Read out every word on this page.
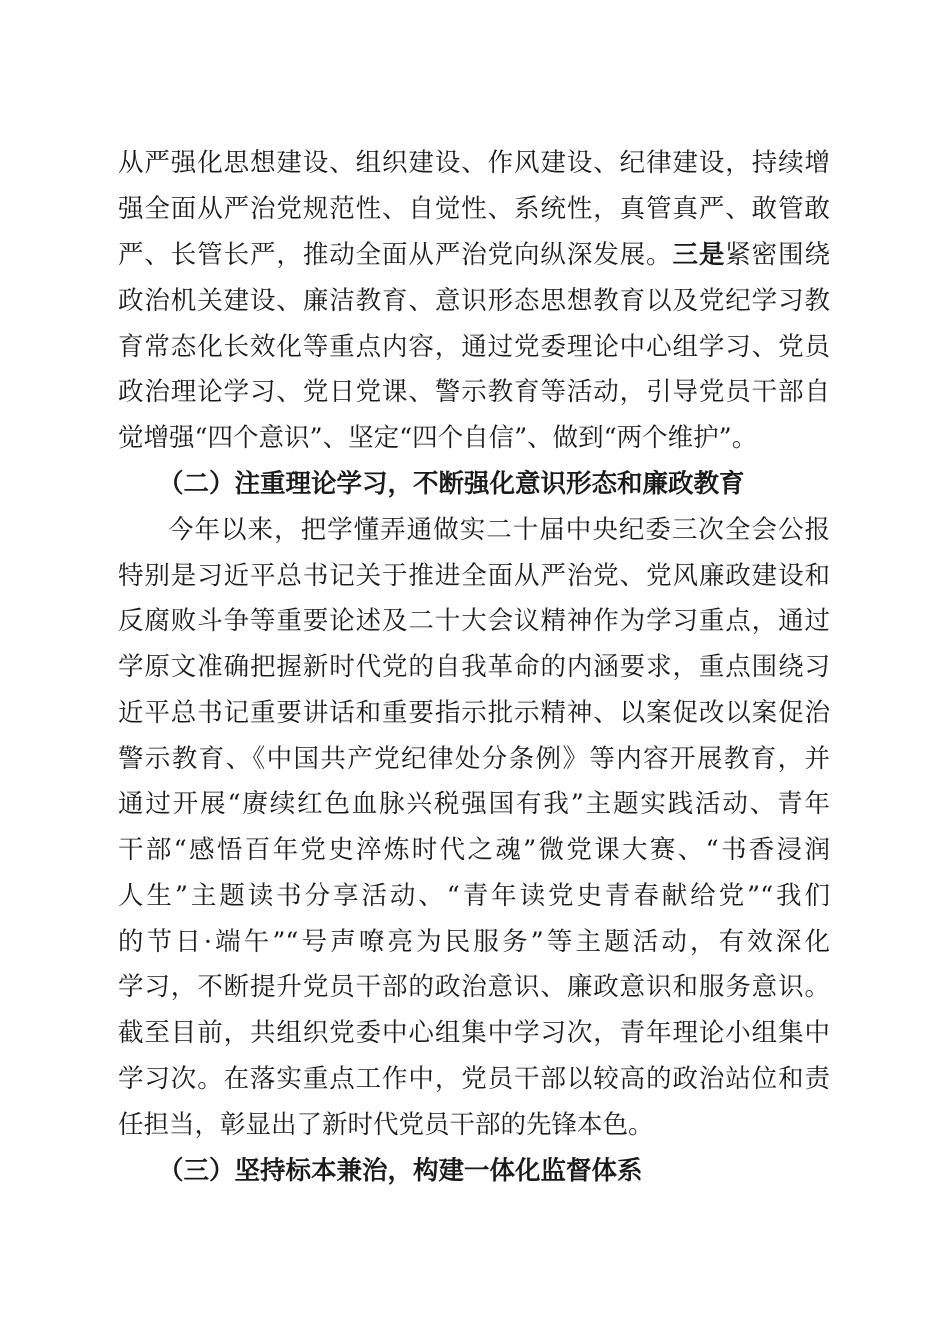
从严强化思想建设、组织建设、作风建设、纪律建设，持续增
强全面从严治党规范性、自觉性、系统性，真管真严、敢管敢
严、长管长严，推动全面从严治党向纵深发展。三是紧密围绕
政治机关建设、廉洁教育、意识形态思想教育以及党纪学习教
育常态化长效化等重点内容，通过党委理论中心组学习、党员
政治理论学习、党日党课、警示教育等活动，引导党员干部自
觉增强“四个意识”、坚定“四个自信”、做到“两个维护”。
（二）注重理论学习，不断强化意识形态和廉政教育
今年以来，把学懂弄通做实二十届中央纪委三次全会公报
特别是习近平总书记关于推进全面从严治党、党风廉政建设和
反腐败斗争等重要论述及二十大会议精神作为学习重点，通过
学原文准确把握新时代党的自我革命的内涵要求，重点围绕习
近平总书记重要讲话和重要指示批示精神、以案促改以案促治
警示教育、《中国共产党纪律处分条例》等内容开展教育，并
通过开展“赓续红色血脉兴税强国有我”主题实践活动、青年
干部“感悟百年党史淬炼时代之魂”微党课大赛、“书香浸润
人生”主题读书分享活动、“青年读党史青春献给党”“我们
的节日·端午”“号声嘹亮为民服务”等主题活动，有效深化
学习，不断提升党员干部的政治意识、廉政意识和服务意识。
截至目前，共组织党委中心组集中学习次，青年理论小组集中
学习次。在落实重点工作中，党员干部以较高的政治站位和责
任担当，彰显出了新时代党员干部的先锋本色。
（三）坚持标本兼治，构建一体化监督体系
